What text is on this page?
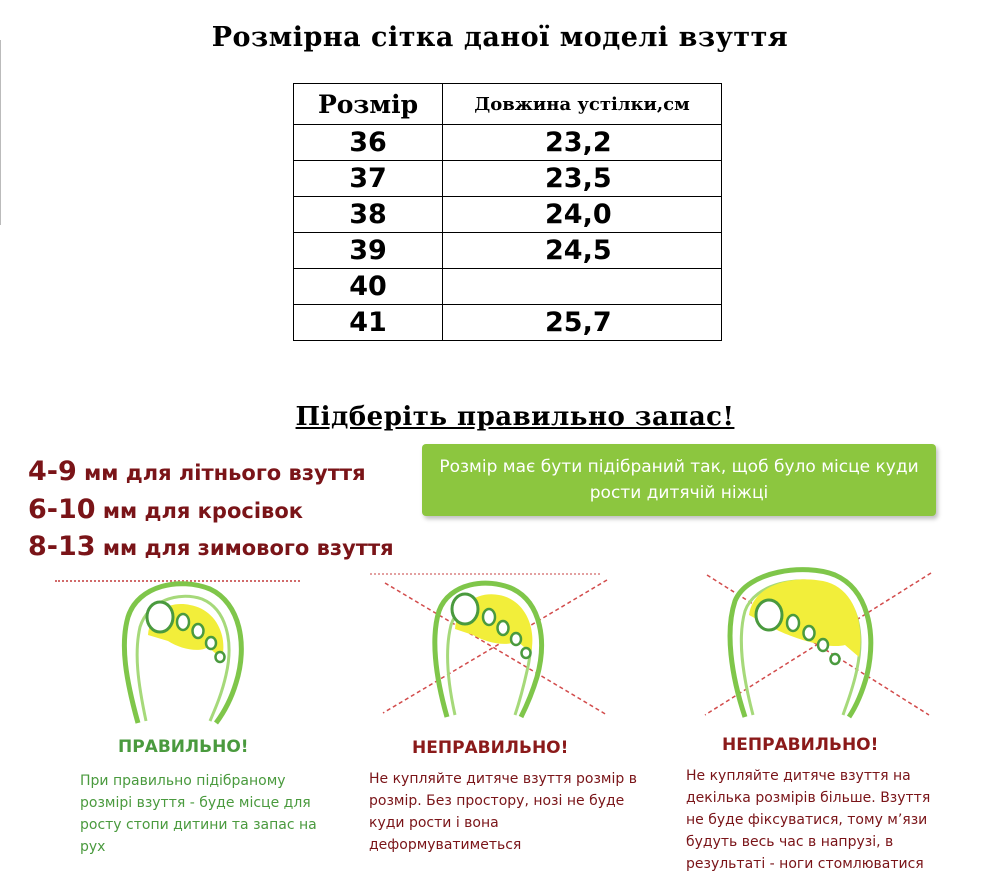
Розмірна сітка даної моделі взуття
Розмір	Довжина устілки,см
36	23,2
37	23,5
38	24,0
39	24,5
40	
41	25,7
Підберіть правильно запас!
4-9 мм для літнього взуття
6-10 мм для кросівок
8-13 мм для зимового взуття
Розмір має бути підібраний так, щоб було місце куди рости дитячій ніжці
ПРАВИЛЬНО!
При правильно підібраному розмірі взуття - буде місце для росту стопи дитини та запас на рух
НЕПРАВИЛЬНО!
Не купляйте дитяче взуття розмір в розмір. Без простору, нозі не буде куди рости і вона деформуватиметься
НЕПРАВИЛЬНО!
Не купляйте дитяче взуття на декілька розмірів більше. Взуття не буде фіксуватися, тому м’язи будуть весь час в напрузі, в результаті - ноги стомлюватися
